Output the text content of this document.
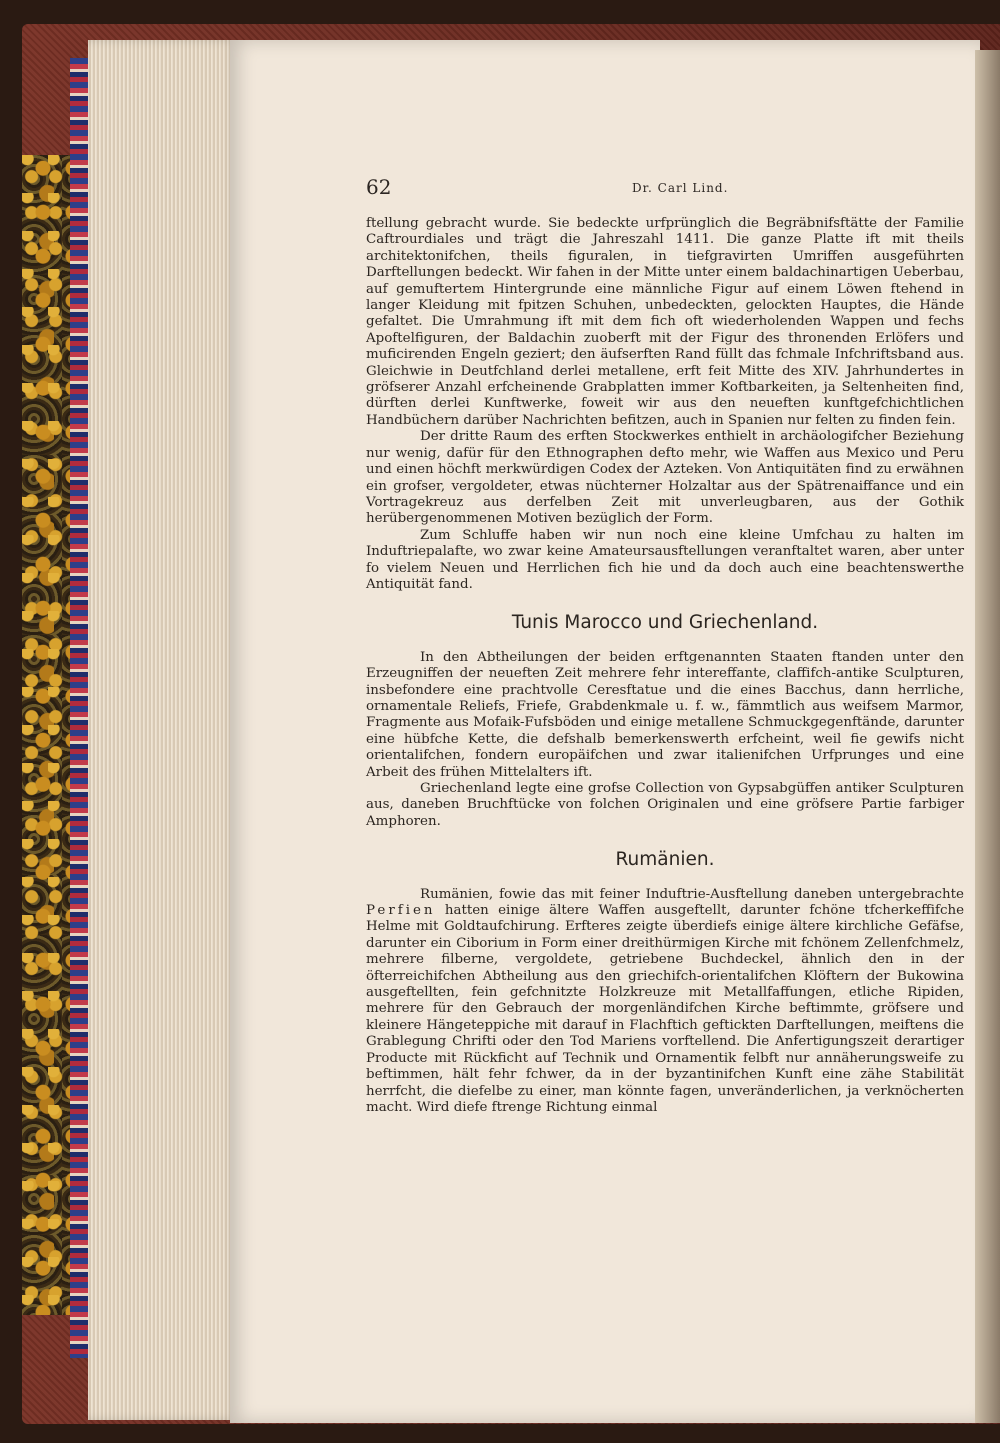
62	Dr. Carl Lind.

ftellung gebracht wurde. Sie bedeckte urfprünglich die Begräbnifsftätte der Familie Caftrourdiales und trägt die Jahreszahl 1411. Die ganze Platte ift mit theils architektonifchen, theils figuralen, in tiefgravirten Umriffen ausgeführten Darftellungen bedeckt. Wir fahen in der Mitte unter einem baldachinartigen Ueberbau, auf gemuftertem Hintergrunde eine männliche Figur auf einem Löwen ftehend in langer Kleidung mit fpitzen Schuhen, unbedeckten, gelockten Hauptes, die Hände gefaltet. Die Umrahmung ift mit dem fich oft wiederholenden Wappen und fechs Apoftelfiguren, der Baldachin zuoberft mit der Figur des thronenden Erlöfers und muficirenden Engeln geziert; den äufserften Rand füllt das fchmale Infchriftsband aus. Gleichwie in Deutfchland derlei metallene, erft feit Mitte des XIV. Jahrhundertes in gröfserer Anzahl erfcheinende Grabplatten immer Koftbarkeiten, ja Seltenheiten find, dürften derlei Kunftwerke, foweit wir aus den neueften kunftgefchichtlichen Handbüchern darüber Nachrichten befitzen, auch in Spanien nur felten zu finden fein.

Der dritte Raum des erften Stockwerkes enthielt in archäologifcher Beziehung nur wenig, dafür für den Ethnographen defto mehr, wie Waffen aus Mexico und Peru und einen höchft merkwürdigen Codex der Azteken. Von Antiquitäten find zu erwähnen ein grofser, vergoldeter, etwas nüchterner Holzaltar aus der Spätrenaiffance und ein Vortragekreuz aus derfelben Zeit mit unverleugbaren, aus der Gothik herübergenommenen Motiven bezüglich der Form.

Zum Schluffe haben wir nun noch eine kleine Umfchau zu halten im Induftriepalafte, wo zwar keine Amateursausftellungen veranftaltet waren, aber unter fo vielem Neuen und Herrlichen fich hie und da doch auch eine beachtenswerthe Antiquität fand.

Tunis Marocco und Griechenland.

In den Abtheilungen der beiden erftgenannten Staaten ftanden unter den Erzeugniffen der neueften Zeit mehrere fehr intereffante, claffifch-antike Sculpturen, insbefondere eine prachtvolle Ceresftatue und die eines Bacchus, dann herrliche, ornamentale Reliefs, Friefe, Grabdenkmale u. f. w., fämmtlich aus weifsem Marmor, Fragmente aus Mofaik-Fufsböden und einige metallene Schmuckgegenftände, darunter eine hübfche Kette, die defshalb bemerkenswerth erfcheint, weil fie gewifs nicht orientalifchen, fondern europäifchen und zwar italienifchen Urfprunges und eine Arbeit des frühen Mittelalters ift.

Griechenland legte eine grofse Collection von Gypsabgüffen antiker Sculpturen aus, daneben Bruchftücke von folchen Originalen und eine gröfsere Partie farbiger Amphoren.

Rumänien.

Rumänien, fowie das mit feiner Induftrie-Ausftellung daneben untergebrachte Perfien hatten einige ältere Waffen ausgeftellt, darunter fchöne tfcherkeffifche Helme mit Goldtaufchirung. Erfteres zeigte überdiefs einige ältere kirchliche Gefäfse, darunter ein Ciborium in Form einer dreithürmigen Kirche mit fchönem Zellenfchmelz, mehrere filberne, vergoldete, getriebene Buchdeckel, ähnlich den in der öfterreichifchen Abtheilung aus den griechifch-orientalifchen Klöftern der Bukowina ausgeftellten, fein gefchnitzte Holzkreuze mit Metallfaffungen, etliche Ripiden, mehrere für den Gebrauch der morgenländifchen Kirche beftimmte, gröfsere und kleinere Hängeteppiche mit darauf in Flachftich geftickten Darftellungen, meiftens die Grablegung Chrifti oder den Tod Mariens vorftellend. Die Anfertigungszeit derartiger Producte mit Rückficht auf Technik und Ornamentik felbft nur annäherungsweife zu beftimmen, hält fehr fchwer, da in der byzantinifchen Kunft eine zähe Stabilität herrfcht, die diefelbe zu einer, man könnte fagen, unveränderlichen, ja verknöcherten macht. Wird diefe ftrenge Richtung einmal
